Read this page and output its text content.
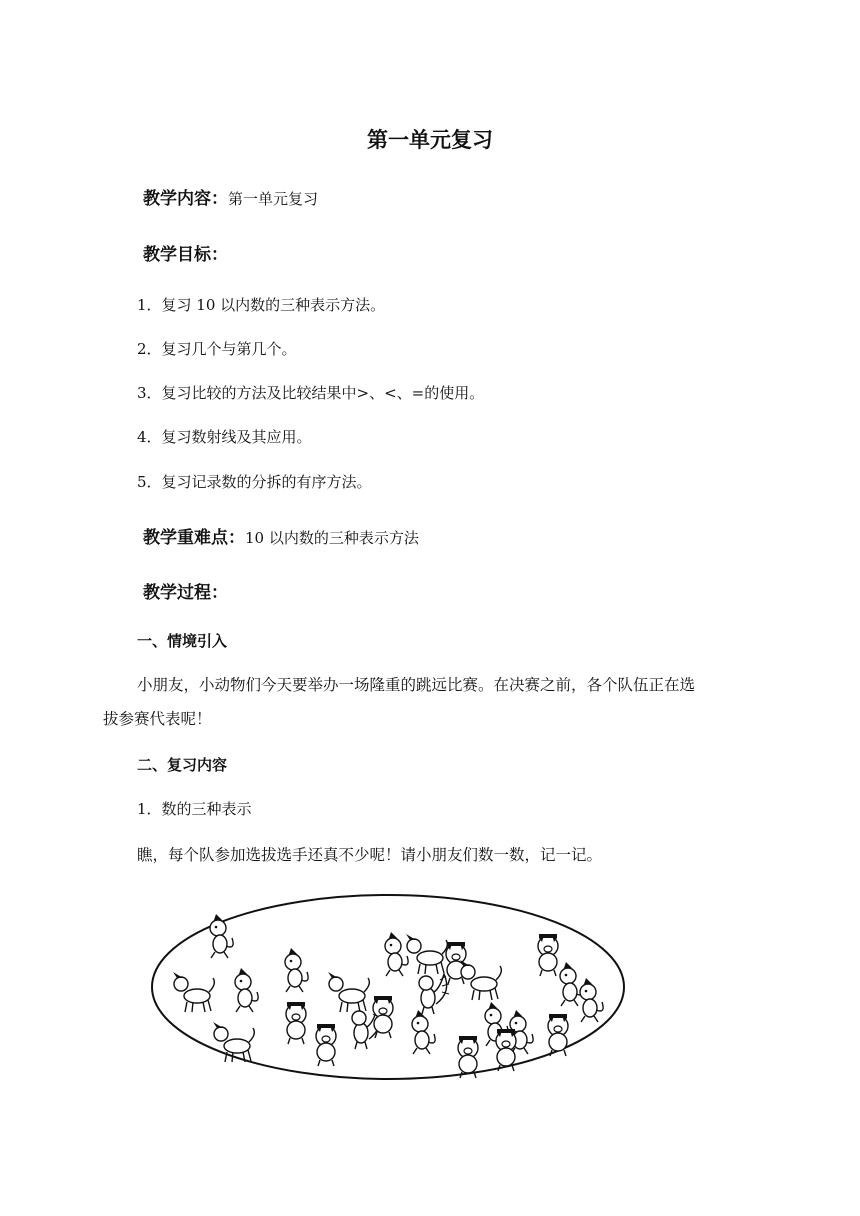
第一单元复习
教学内容：第一单元复习
教学目标：
1．复习 10 以内数的三种表示方法。
2．复习几个与第几个。
3．复习比较的方法及比较结果中>、<、=的使用。
4．复习数射线及其应用。
5．复习记录数的分拆的有序方法。
教学重难点：10 以内数的三种表示方法
教学过程：
一、情境引入
小朋友，小动物们今天要举办一场隆重的跳远比赛。在决赛之前，各个队伍正在选
拔参赛代表呢！
二、复习内容
1．数的三种表示
瞧，每个队参加选拔选手还真不少呢！请小朋友们数一数，记一记。
